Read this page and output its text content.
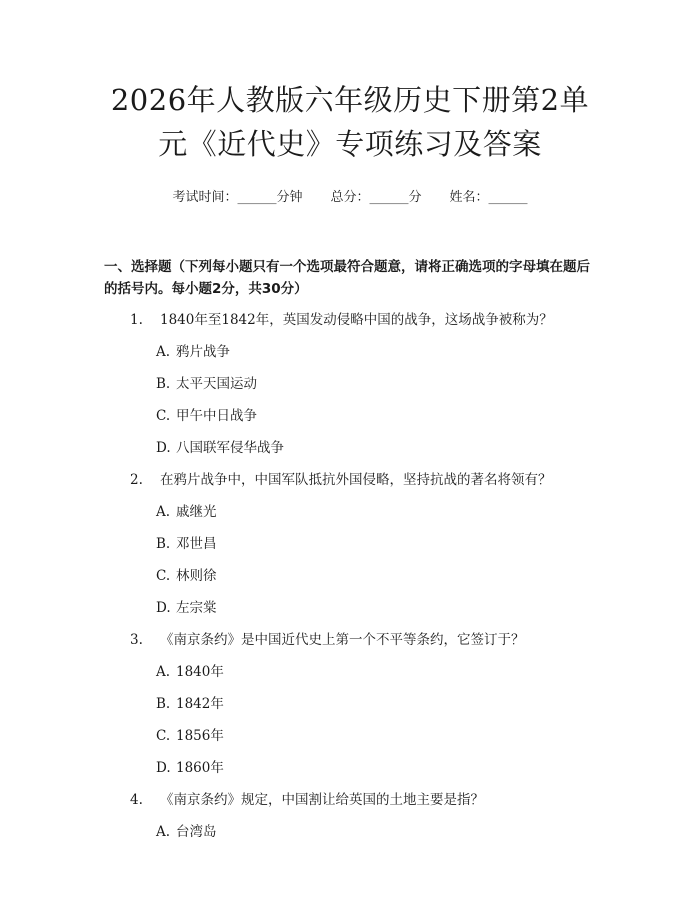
2026年人教版六年级历史下册第2单元《近代史》专项练习及答案
考试时间：______分钟 总分：______分 姓名：______
一、选择题（下列每小题只有一个选项最符合题意，请将正确选项的字母填在题后的括号内。每小题2分，共30分）
1. 1840年至1842年，英国发动侵略中国的战争，这场战争被称为？
A. 鸦片战争
B. 太平天国运动
C. 甲午中日战争
D. 八国联军侵华战争
2. 在鸦片战争中，中国军队抵抗外国侵略，坚持抗战的著名将领有？
A. 戚继光
B. 邓世昌
C. 林则徐
D. 左宗棠
3. 《南京条约》是中国近代史上第一个不平等条约，它签订于？
A. 1840年
B. 1842年
C. 1856年
D. 1860年
4. 《南京条约》规定，中国割让给英国的土地主要是指？
A. 台湾岛
